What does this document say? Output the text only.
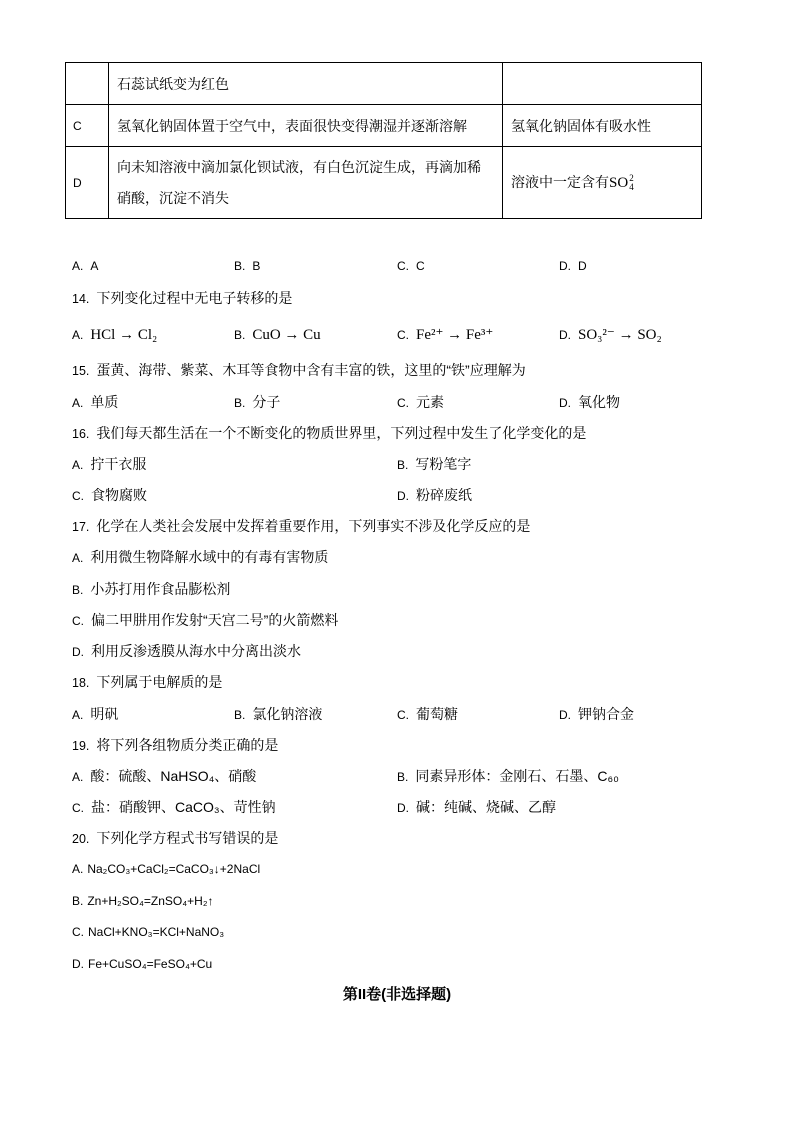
	石蕊试纸变为红色	
C	氢氧化钠固体置于空气中，表面很快变得潮湿并逐渐溶解	氢氧化钠固体有吸水性
D	向未知溶液中滴加氯化钡试液，有白色沉淀生成，再滴加稀硝酸，沉淀不消失	溶液中一定含有SO 2
4
A. A	B. B	C. C	D. D
14. 下列变化过程中无电子转移的是
A. HCl → Cl₂	B. CuO → Cu	C. Fe²⁺ → Fe³⁺	D. SO₃²⁻ → SO₂
15. 蛋黄、海带、紫菜、木耳等食物中含有丰富的铁，这里的“铁”应理解为
A. 单质	B. 分子	C. 元素	D. 氧化物
16. 我们每天都生活在一个不断变化的物质世界里，下列过程中发生了化学变化的是
A. 拧干衣服	B. 写粉笔字
C. 食物腐败	D. 粉碎废纸
17. 化学在人类社会发展中发挥着重要作用，下列事实不涉及化学反应的是
A. 利用微生物降解水域中的有毒有害物质
B. 小苏打用作食品膨松剂
C. 偏二甲肼用作发射“天宫二号”的火箭燃料
D. 利用反渗透膜从海水中分离出淡水
18. 下列属于电解质的是
A. 明矾	B. 氯化钠溶液	C. 葡萄糖	D. 钾钠合金
19. 将下列各组物质分类正确的是
A. 酸：硫酸、NaHSO₄、硝酸	B. 同素异形体：金刚石、石墨、C₆₀
C. 盐：硝酸钾、CaCO₃、苛性钠	D. 碱：纯碱、烧碱、乙醇
20. 下列化学方程式书写错误的是
A. Na₂CO₃+CaCl₂=CaCO₃↓+2NaCl
B. Zn+H₂SO₄=ZnSO₄+H₂↑
C. NaCl+KNO₃=KCl+NaNO₃
D. Fe+CuSO₄=FeSO₄+Cu
第II卷(非选择题)
